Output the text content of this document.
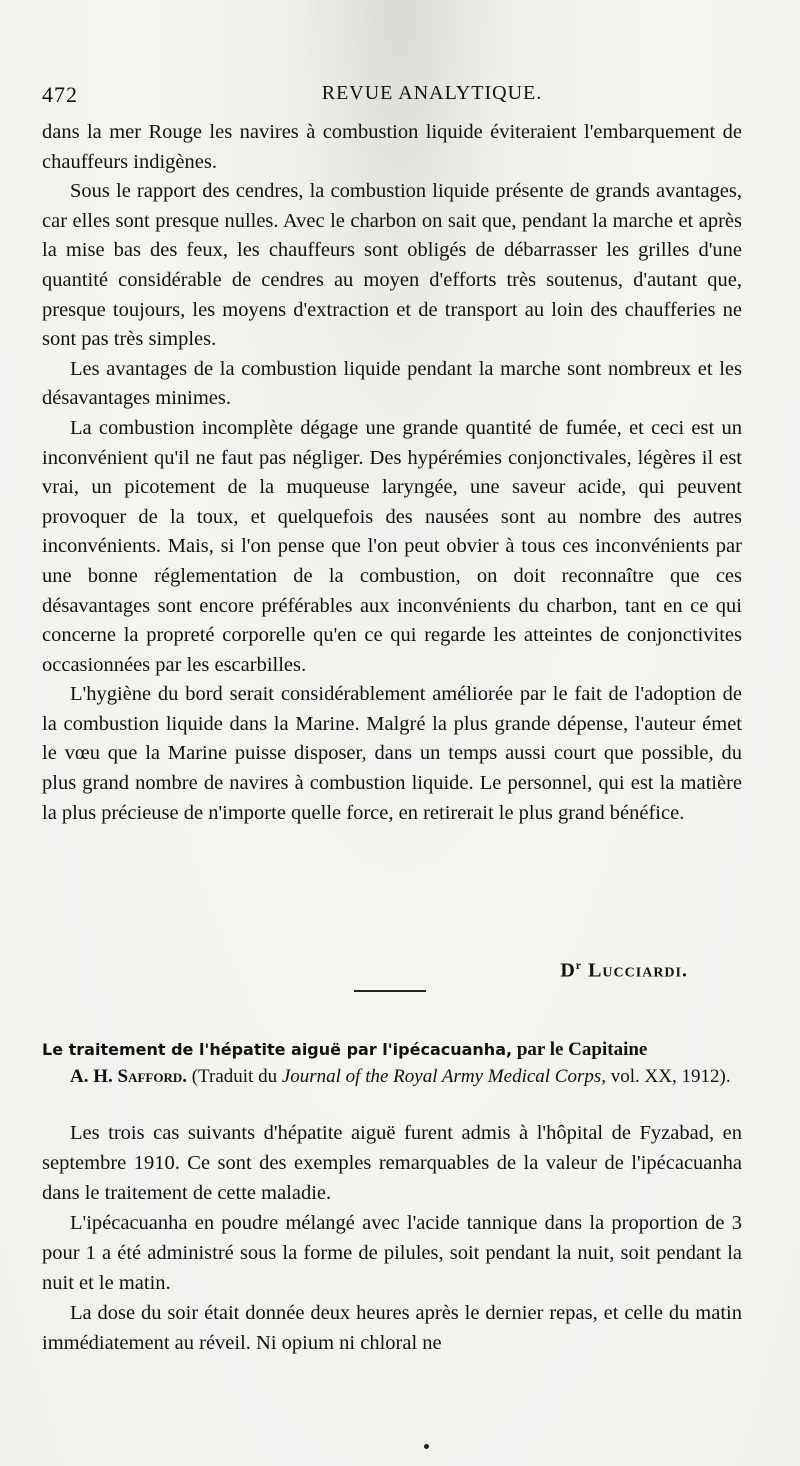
472	REVUE ANALYTIQUE.

dans la mer Rouge les navires à combustion liquide éviteraient l'embarquement de chauffeurs indigènes.

Sous le rapport des cendres, la combustion liquide présente de grands avantages, car elles sont presque nulles. Avec le charbon on sait que, pendant la marche et après la mise bas des feux, les chauffeurs sont obligés de débarrasser les grilles d'une quantité considérable de cendres au moyen d'efforts très soutenus, d'autant que, presque toujours, les moyens d'extraction et de transport au loin des chaufferies ne sont pas très simples.

Les avantages de la combustion liquide pendant la marche sont nombreux et les désavantages minimes.

La combustion incomplète dégage une grande quantité de fumée, et ceci est un inconvénient qu'il ne faut pas négliger. Des hypérémies conjonctivales, légères il est vrai, un picotement de la muqueuse laryngée, une saveur acide, qui peuvent provoquer de la toux, et quelquefois des nausées sont au nombre des autres inconvénients. Mais, si l'on pense que l'on peut obvier à tous ces inconvénients par une bonne réglementation de la combustion, on doit reconnaître que ces désavantages sont encore préférables aux inconvénients du charbon, tant en ce qui concerne la propreté corporelle qu'en ce qui regarde les atteintes de conjonctivites occasionnées par les escarbilles.

L'hygiène du bord serait considérablement améliorée par le fait de l'adoption de la combustion liquide dans la Marine. Malgré la plus grande dépense, l'auteur émet le vœu que la Marine puisse disposer, dans un temps aussi court que possible, du plus grand nombre de navires à combustion liquide. Le personnel, qui est la matière la plus précieuse de n'importe quelle force, en retirerait le plus grand bénéfice.

$D^r$ Lucciardi.

Le traitement de l'hépatite aiguë par l'ipécacuanha, par le Capitaine

A. H. Safford. (Traduit du Journal of the Royal Army Medical Corps, vol. XX, 1912).

Les trois cas suivants d'hépatite aiguë furent admis à l'hôpital de Fyzabad, en septembre 1910. Ce sont des exemples remarquables de la valeur de l'ipécacuanha dans le traitement de cette maladie.

L'ipécacuanha en poudre mélangé avec l'acide tannique dans la proportion de 3 pour 1 a été administré sous la forme de pilules, soit pendant la nuit, soit pendant la nuit et le matin.

La dose du soir était donnée deux heures après le dernier repas, et celle du matin immédiatement au réveil. Ni opium ni chloral ne
